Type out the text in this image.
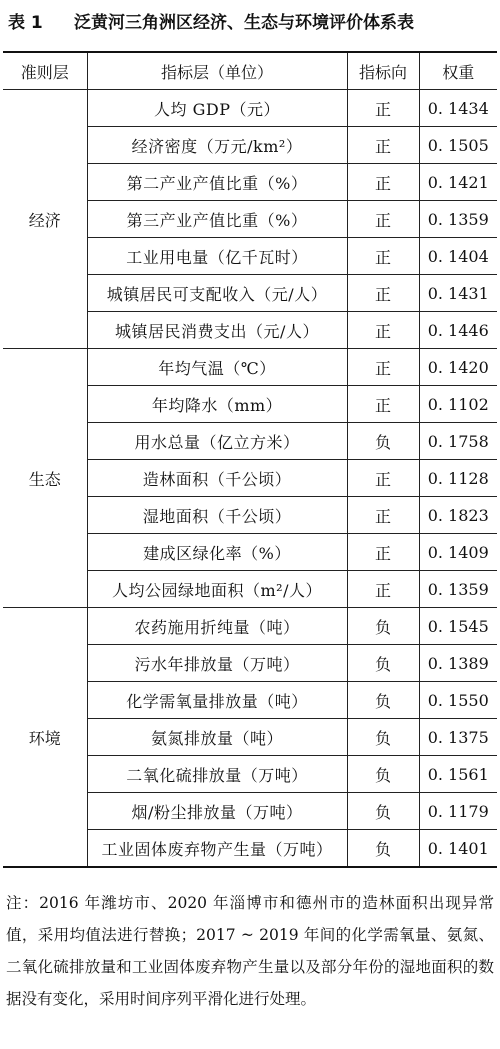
表 1 泛黄河三角洲区经济、生态与环境评价体系表
准则层	指标层（单位）	指标向	权重
经济	人均 GDP（元）	正	0. 1434
	经济密度（万元/km²）	正	0. 1505
	第二产业产值比重（%）	正	0. 1421
	第三产业产值比重（%）	正	0. 1359
	工业用电量（亿千瓦时）	正	0. 1404
	城镇居民可支配收入（元/人）	正	0. 1431
	城镇居民消费支出（元/人）	正	0. 1446
生态	年均气温（℃）	正	0. 1420
	年均降水（mm）	正	0. 1102
	用水总量（亿立方米）	负	0. 1758
	造林面积（千公顷）	正	0. 1128
	湿地面积（千公顷）	正	0. 1823
	建成区绿化率（%）	正	0. 1409
	人均公园绿地面积（m²/人）	正	0. 1359
环境	农药施用折纯量（吨）	负	0. 1545
	污水年排放量（万吨）	负	0. 1389
	化学需氧量排放量（吨）	负	0. 1550
	氨氮排放量（吨）	负	0. 1375
	二氧化硫排放量（万吨）	负	0. 1561
	烟/粉尘排放量（万吨）	负	0. 1179
	工业固体废弃物产生量（万吨）	负	0. 1401
注：2016 年潍坊市、2020 年淄博市和德州市的造林面积出现异常值，采用均值法进行替换；2017 ~ 2019 年间的化学需氧量、氨氮、二氧化硫排放量和工业固体废弃物产生量以及部分年份的湿地面积的数据没有变化，采用时间序列平滑化进行处理。
